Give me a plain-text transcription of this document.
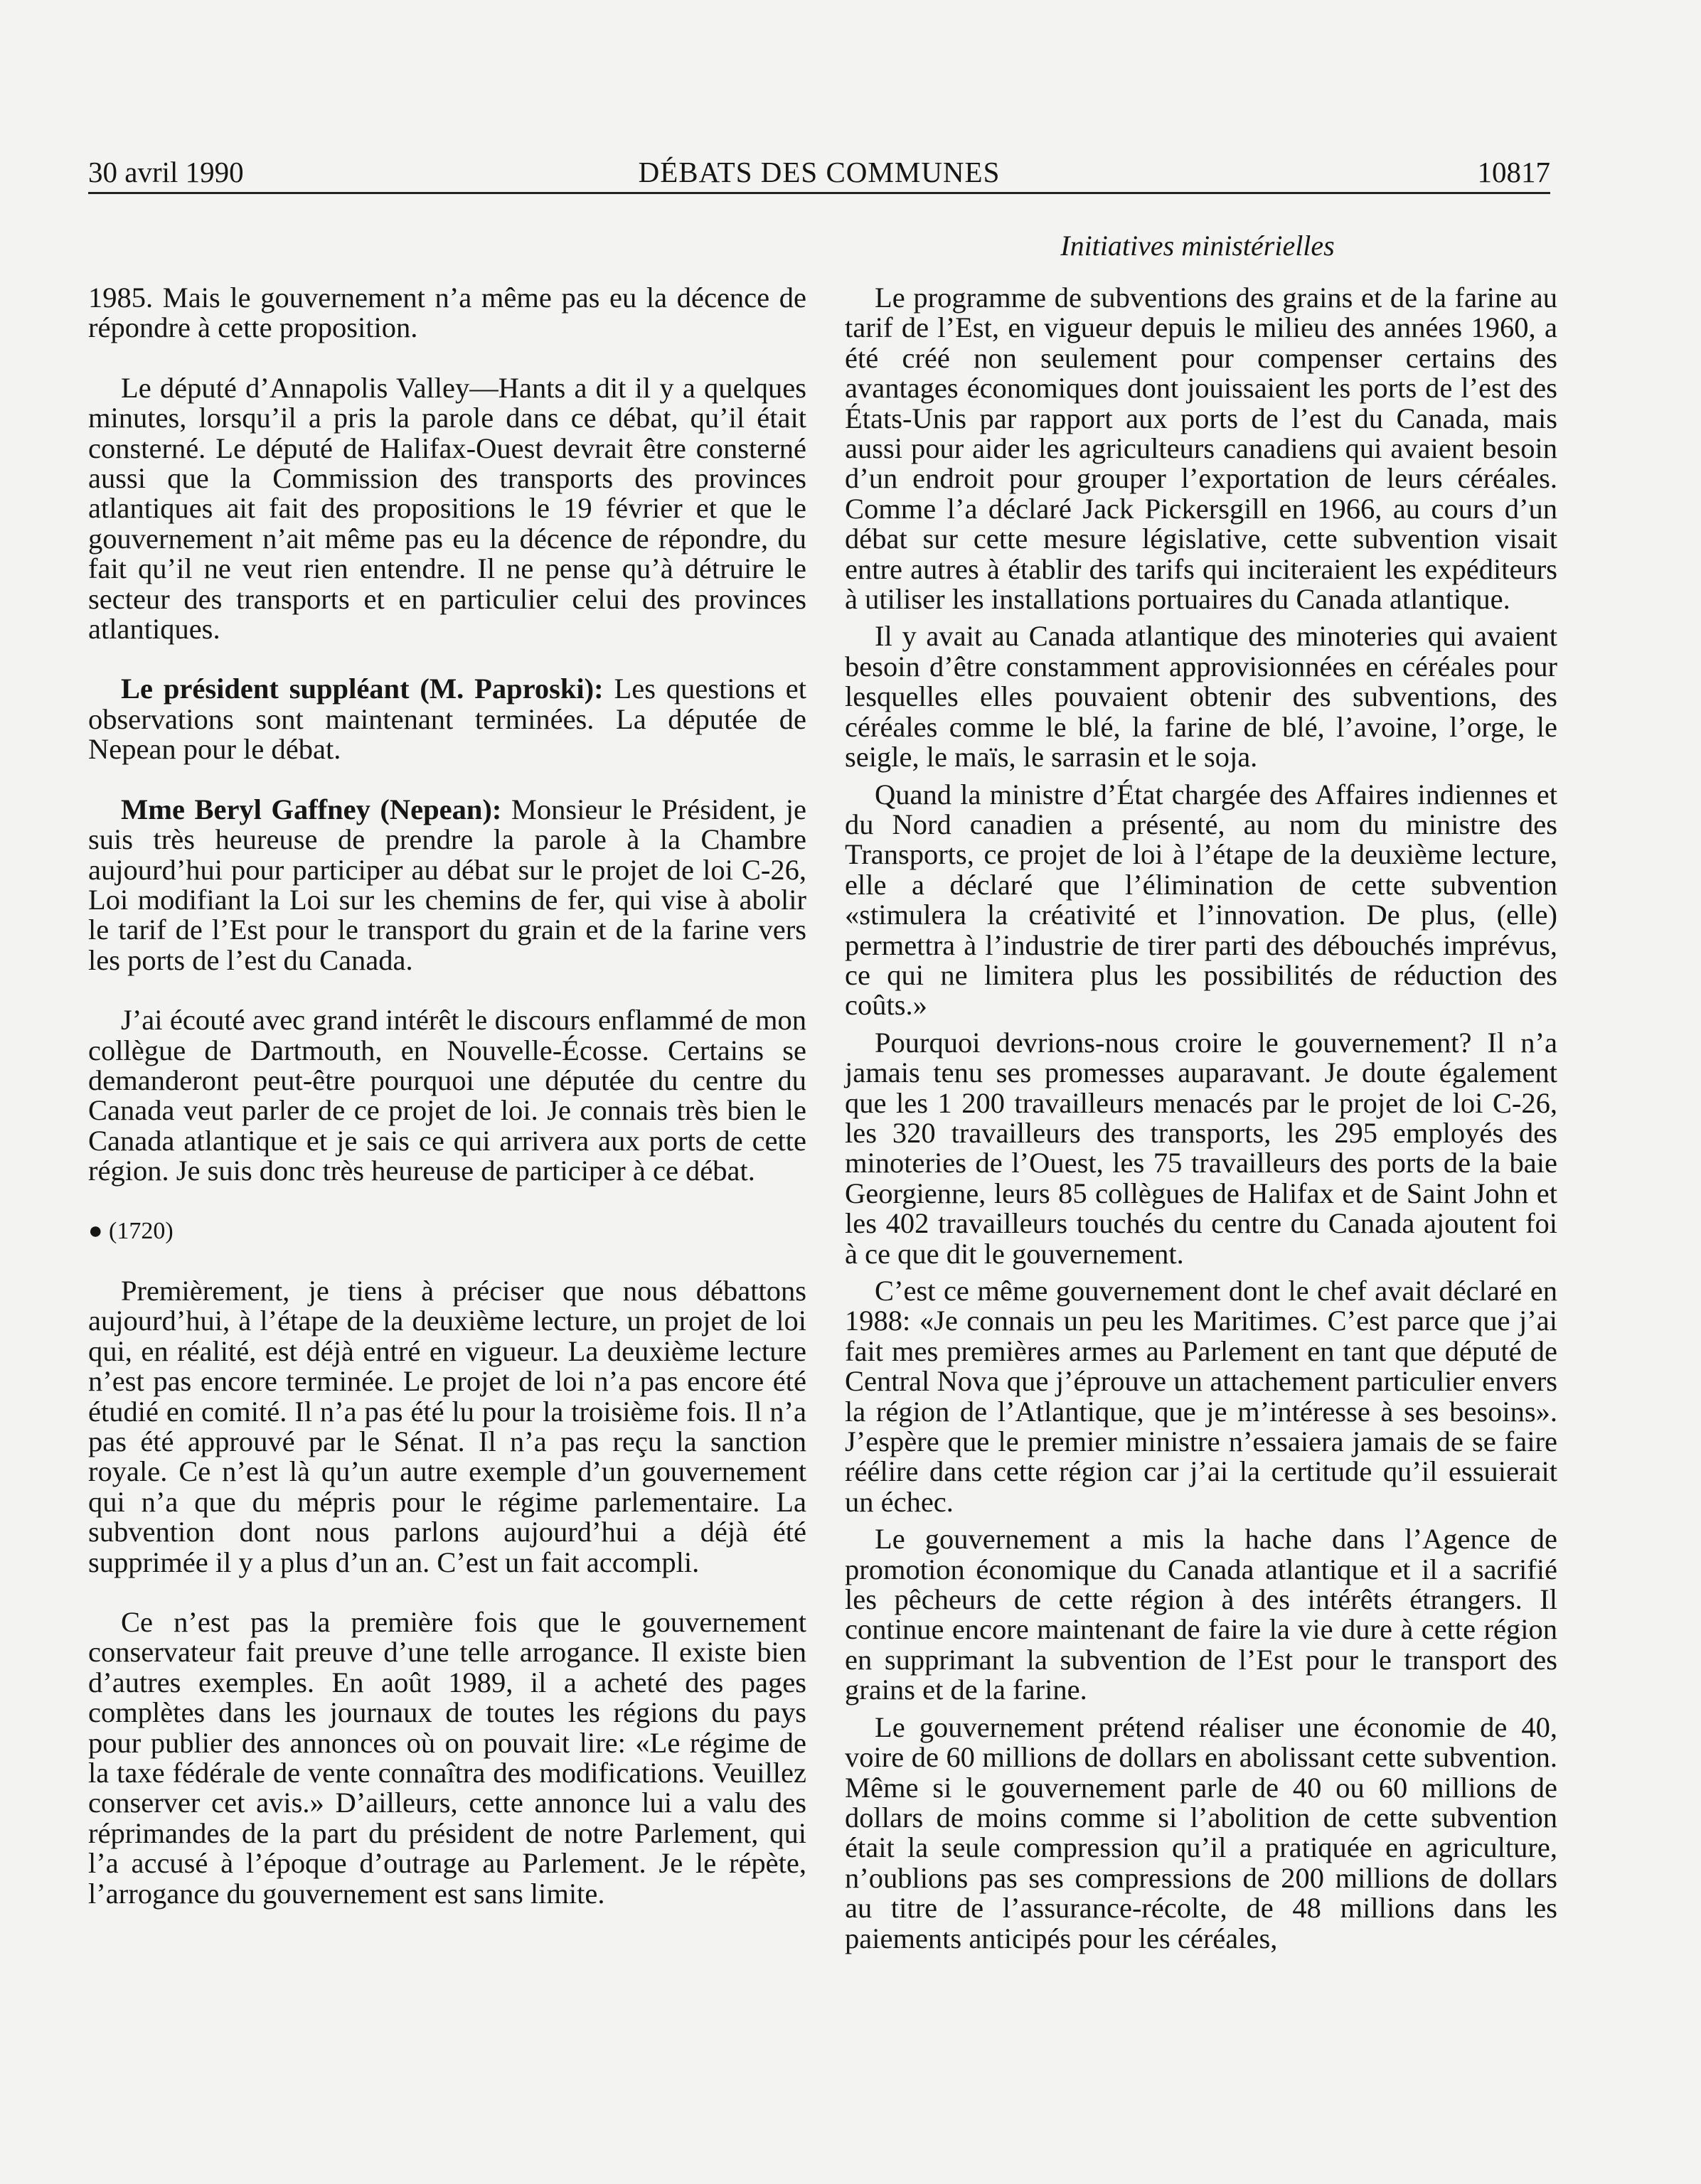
30 avril 1990	DÉBATS DES COMMUNES	10817
Initiatives ministérielles

1985. Mais le gouvernement n’a même pas eu la décence de répondre à cette proposition.

Le député d’Annapolis Valley—Hants a dit il y a quelques minutes, lorsqu’il a pris la parole dans ce débat, qu’il était consterné. Le député de Halifax-Ouest devrait être consterné aussi que la Commission des transports des provinces atlantiques ait fait des propositions le 19 février et que le gouvernement n’ait même pas eu la décence de répondre, du fait qu’il ne veut rien entendre. Il ne pense qu’à détruire le secteur des transports et en particulier celui des provinces atlantiques.

Le président suppléant (M. Paproski): Les questions et observations sont maintenant terminées. La députée de Nepean pour le débat.

Mme Beryl Gaffney (Nepean): Monsieur le Président, je suis très heureuse de prendre la parole à la Chambre aujourd’hui pour participer au débat sur le projet de loi C-26, Loi modifiant la Loi sur les chemins de fer, qui vise à abolir le tarif de l’Est pour le transport du grain et de la farine vers les ports de l’est du Canada.

J’ai écouté avec grand intérêt le discours enflammé de mon collègue de Dartmouth, en Nouvelle-Écosse. Certains se demanderont peut-être pourquoi une députée du centre du Canada veut parler de ce projet de loi. Je connais très bien le Canada atlantique et je sais ce qui arrivera aux ports de cette région. Je suis donc très heureuse de participer à ce débat.

● (1720)

Premièrement, je tiens à préciser que nous débattons aujourd’hui, à l’étape de la deuxième lecture, un projet de loi qui, en réalité, est déjà entré en vigueur. La deuxième lecture n’est pas encore terminée. Le projet de loi n’a pas encore été étudié en comité. Il n’a pas été lu pour la troisième fois. Il n’a pas été approuvé par le Sénat. Il n’a pas reçu la sanction royale. Ce n’est là qu’un autre exemple d’un gouvernement qui n’a que du mépris pour le régime parlementaire. La subvention dont nous parlons aujourd’hui a déjà été supprimée il y a plus d’un an. C’est un fait accompli.

Ce n’est pas la première fois que le gouvernement conservateur fait preuve d’une telle arrogance. Il existe bien d’autres exemples. En août 1989, il a acheté des pages complètes dans les journaux de toutes les régions du pays pour publier des annonces où on pouvait lire: «Le régime de la taxe fédérale de vente connaîtra des modifications. Veuillez conserver cet avis.» D’ailleurs, cette annonce lui a valu des réprimandes de la part du président de notre Parlement, qui l’a accusé à l’époque d’outrage au Parlement. Je le répète, l’arrogance du gouvernement est sans limite.

Le programme de subventions des grains et de la farine au tarif de l’Est, en vigueur depuis le milieu des années 1960, a été créé non seulement pour compenser certains des avantages économiques dont jouissaient les ports de l’est des États-Unis par rapport aux ports de l’est du Canada, mais aussi pour aider les agriculteurs canadiens qui avaient besoin d’un endroit pour grouper l’exportation de leurs céréales. Comme l’a déclaré Jack Pickersgill en 1966, au cours d’un débat sur cette mesure législative, cette subvention visait entre autres à établir des tarifs qui inciteraient les expéditeurs à utiliser les installations portuaires du Canada atlantique.

Il y avait au Canada atlantique des minoteries qui avaient besoin d’être constamment approvisionnées en céréales pour lesquelles elles pouvaient obtenir des subventions, des céréales comme le blé, la farine de blé, l’avoine, l’orge, le seigle, le maïs, le sarrasin et le soja.

Quand la ministre d’État chargée des Affaires indiennes et du Nord canadien a présenté, au nom du ministre des Transports, ce projet de loi à l’étape de la deuxième lecture, elle a déclaré que l’élimination de cette subvention «stimulera la créativité et l’innovation. De plus, (elle) permettra à l’industrie de tirer parti des débouchés imprévus, ce qui ne limitera plus les possibilités de réduction des coûts.»

Pourquoi devrions-nous croire le gouvernement? Il n’a jamais tenu ses promesses auparavant. Je doute également que les 1 200 travailleurs menacés par le projet de loi C-26, les 320 travailleurs des transports, les 295 employés des minoteries de l’Ouest, les 75 travailleurs des ports de la baie Georgienne, leurs 85 collègues de Halifax et de Saint John et les 402 travailleurs touchés du centre du Canada ajoutent foi à ce que dit le gouvernement.

C’est ce même gouvernement dont le chef avait déclaré en 1988: «Je connais un peu les Maritimes. C’est parce que j’ai fait mes premières armes au Parlement en tant que député de Central Nova que j’éprouve un attachement particulier envers la région de l’Atlantique, que je m’intéresse à ses besoins». J’espère que le premier ministre n’essaiera jamais de se faire réélire dans cette région car j’ai la certitude qu’il essuierait un échec.

Le gouvernement a mis la hache dans l’Agence de promotion économique du Canada atlantique et il a sacrifié les pêcheurs de cette région à des intérêts étrangers. Il continue encore maintenant de faire la vie dure à cette région en supprimant la subvention de l’Est pour le transport des grains et de la farine.

Le gouvernement prétend réaliser une économie de 40, voire de 60 millions de dollars en abolissant cette subvention. Même si le gouvernement parle de 40 ou 60 millions de dollars de moins comme si l’abolition de cette subvention était la seule compression qu’il a pratiquée en agriculture, n’oublions pas ses compressions de 200 millions de dollars au titre de l’assurance-récolte, de 48 millions dans les paiements anticipés pour les céréales,
